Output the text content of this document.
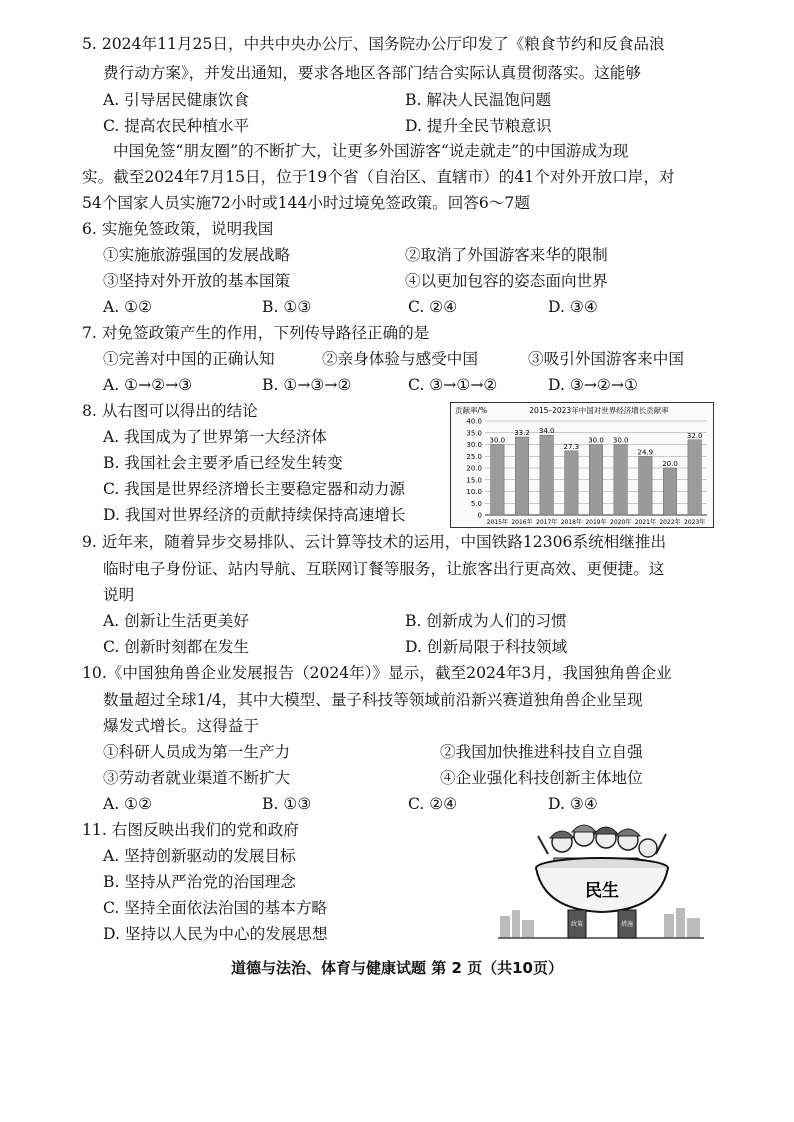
5. 2024年11月25日，中共中央办公厅、国务院办公厅印发了《粮食节约和反食品浪
费行动方案》，并发出通知，要求各地区各部门结合实际认真贯彻落实。这能够
A. 引导居民健康饮食	B. 解决人民温饱问题
C. 提高农民种植水平	D. 提升全民节粮意识
中国免签“朋友圈”的不断扩大，让更多外国游客“说走就走”的中国游成为现
实。截至2024年7月15日，位于19个省（自治区、直辖市）的41个对外开放口岸，对
54个国家人员实施72小时或144小时过境免签政策。回答6～7题
6. 实施免签政策，说明我国
①实施旅游强国的发展战略	②取消了外国游客来华的限制
③坚持对外开放的基本国策	④以更加包容的姿态面向世界
A. ①②	B. ①③	C. ②④	D. ③④
7. 对免签政策产生的作用，下列传导路径正确的是
①完善对中国的正确认知	②亲身体验与感受中国	③吸引外国游客来中国
A. ①→②→③	B. ①→③→②	C. ③→①→②	D. ③→②→①
8. 从右图可以得出的结论
A. 我国成为了世界第一大经济体
B. 我国社会主要矛盾已经发生转变
C. 我国是世界经济增长主要稳定器和动力源
D. 我国对世界经济的贡献持续保持高速增长
贡献率/%	2015–2023年中国对世界经济增长贡献率
0
5.0
10.0
15.0
20.0
25.0
30.0
35.0
40.0
30.0
33.2 34.0
27.3
30.0 30.0
24.9
20.0
32.0
2015年 2016年 2017年 2018年 2019年 2020年 2021年 2022年 2023年
9. 近年来，随着异步交易排队、云计算等技术的运用，中国铁路12306系统相继推出
临时电子身份证、站内导航、互联网订餐等服务，让旅客出行更高效、更便捷。这
说明
A. 创新让生活更美好	B. 创新成为人们的习惯
C. 创新时刻都在发生	D. 创新局限于科技领域
10.《中国独角兽企业发展报告（2024年）》显示，截至2024年3月，我国独角兽企业
数量超过全球1/4，其中大模型、量子科技等领域前沿新兴赛道独角兽企业呈现
爆发式增长。这得益于
①科研人员成为第一生产力	②我国加快推进科技自立自强
③劳动者就业渠道不断扩大	④企业强化科技创新主体地位
A. ①②	B. ①③	C. ②④	D. ③④
11. 右图反映出我们的党和政府
A. 坚持创新驱动的发展目标
B. 坚持从严治党的治国理念
C. 坚持全面依法治国的基本方略
D. 坚持以人民为中心的发展思想
民生
政策	措施
道德与法治、体育与健康试题 第 2 页（共10页）
